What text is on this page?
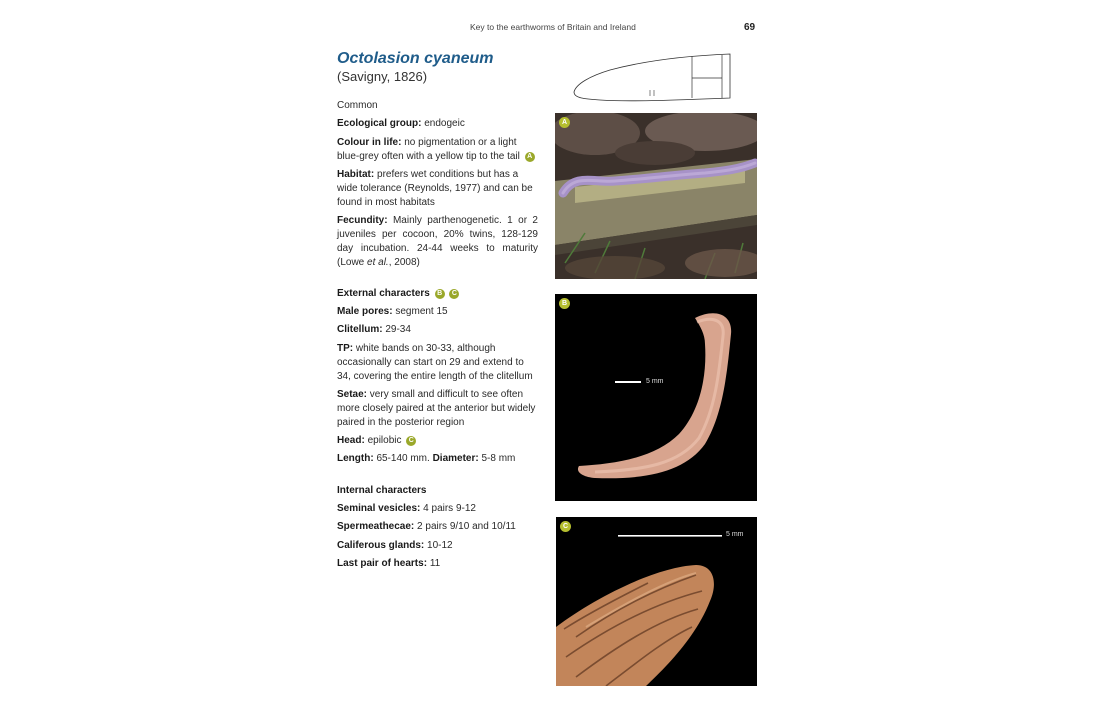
Key to the earthworms of Britain and Ireland	69
Octolasion cyaneum
(Savigny, 1826)
Common
Ecological group: endogeic
Colour in life: no pigmentation or a light blue-grey often with a yellow tip to the tail A
Habitat: prefers wet conditions but has a wide tolerance (Reynolds, 1977) and can be found in most habitats
Fecundity: Mainly parthenogenetic. 1 or 2 juveniles per cocoon, 20% twins, 128-129 day incubation. 24-44 weeks to maturity (Lowe et al., 2008)
External characters B C
Male pores: segment 15
Clitellum: 29-34
TP: white bands on 30-33, although occasionally can start on 29 and extend to 34, covering the entire length of the clitellum
Setae: very small and difficult to see often more closely paired at the anterior but widely paired in the posterior region
Head: epilobic C
Length: 65-140 mm. Diameter: 5-8 mm
Internal characters
Seminal vesicles: 4 pairs 9-12
Spermeathecae: 2 pairs 9/10 and 10/11
Califerous glands: 10-12
Last pair of hearts: 11
A
B
5 mm
C
5 mm
